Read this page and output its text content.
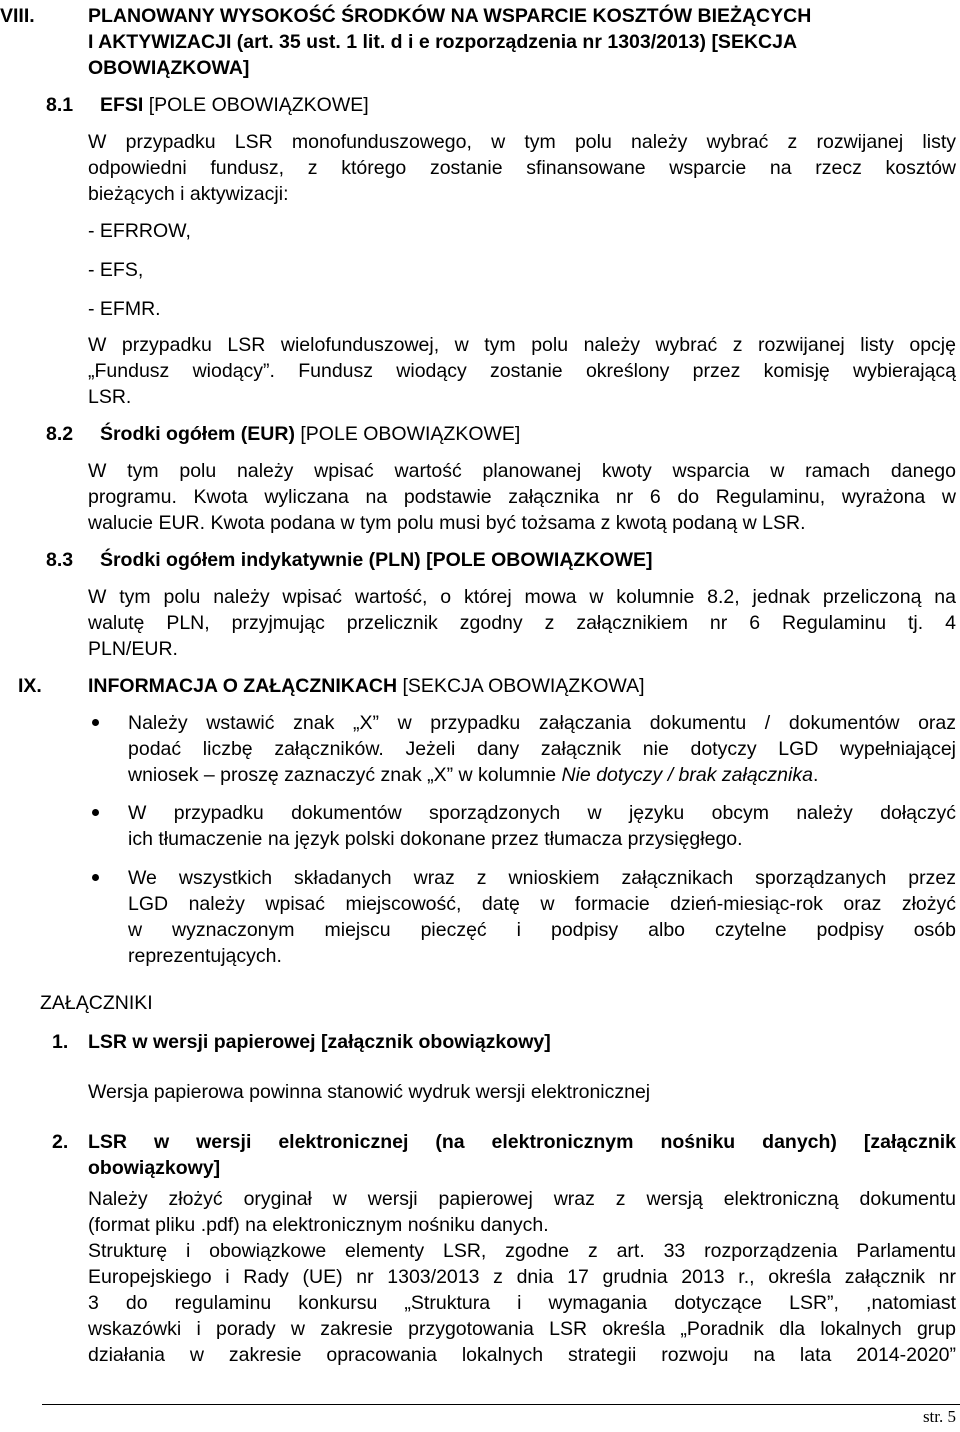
VIII.	PLANOWANY WYSOKOŚĆ ŚRODKÓW NA WSPARCIE KOSZTÓW BIEŻĄCYCH
I AKTYWIZACJI (art. 35 ust. 1 lit. d i e rozporządzenia nr 1303/2013) [SEKCJA
OBOWIĄZKOWA]
8.1 EFSI [POLE OBOWIĄZKOWE]
W przypadku LSR monofunduszowego, w tym polu należy wybrać z rozwijanej listy
odpowiedni fundusz, z którego zostanie sfinansowane wsparcie na rzecz kosztów
bieżących i aktywizacji:
- EFRROW,
- EFS,
- EFMR.
W przypadku LSR wielofunduszowej, w tym polu należy wybrać z rozwijanej listy opcję
„Fundusz wiodący”. Fundusz wiodący zostanie określony przez komisję wybierającą
LSR.
8.2 Środki ogółem (EUR) [POLE OBOWIĄZKOWE]
W tym polu należy wpisać wartość planowanej kwoty wsparcia w ramach danego
programu. Kwota wyliczana na podstawie załącznika nr 6 do Regulaminu, wyrażona w
walucie EUR. Kwota podana w tym polu musi być tożsama z kwotą podaną w LSR.
8.3 Środki ogółem indykatywnie (PLN) [POLE OBOWIĄZKOWE]
W tym polu należy wpisać wartość, o której mowa w kolumnie 8.2, jednak przeliczoną na
walutę PLN, przyjmując przelicznik zgodny z załącznikiem nr 6 Regulaminu tj. 4
PLN/EUR.
IX. INFORMACJA O ZAŁĄCZNIKACH [SEKCJA OBOWIĄZKOWA]
Należy wstawić znak „X” w przypadku załączania dokumentu / dokumentów oraz
podać liczbę załączników. Jeżeli dany załącznik nie dotyczy LGD wypełniającej
wniosek – proszę zaznaczyć znak „X” w kolumnie Nie dotyczy / brak załącznika.
W przypadku dokumentów sporządzonych w języku obcym należy dołączyć
ich tłumaczenie na język polski dokonane przez tłumacza przysięgłego.
We wszystkich składanych wraz z wnioskiem załącznikach sporządzanych przez
LGD należy wpisać miejscowość, datę w formacie dzień-miesiąc-rok oraz złożyć
w wyznaczonym miejscu pieczęć i podpisy albo czytelne podpisy osób
reprezentujących.
ZAŁĄCZNIKI
1. LSR w wersji papierowej [załącznik obowiązkowy]
Wersja papierowa powinna stanowić wydruk wersji elektronicznej
2. LSR w wersji elektronicznej (na elektronicznym nośniku danych) [załącznik
obowiązkowy]
Należy złożyć oryginał w wersji papierowej wraz z wersją elektroniczną dokumentu
(format pliku .pdf) na elektronicznym nośniku danych.
Strukturę i obowiązkowe elementy LSR, zgodne z art. 33 rozporządzenia Parlamentu
Europejskiego i Rady (UE) nr 1303/2013 z dnia 17 grudnia 2013 r., określa załącznik nr
3 do regulaminu konkursu „Struktura i wymagania dotyczące LSR”, ,natomiast
wskazówki i porady w zakresie przygotowania LSR określa „Poradnik dla lokalnych grup
działania w zakresie opracowania lokalnych strategii rozwoju na lata 2014-2020”
str. 5
